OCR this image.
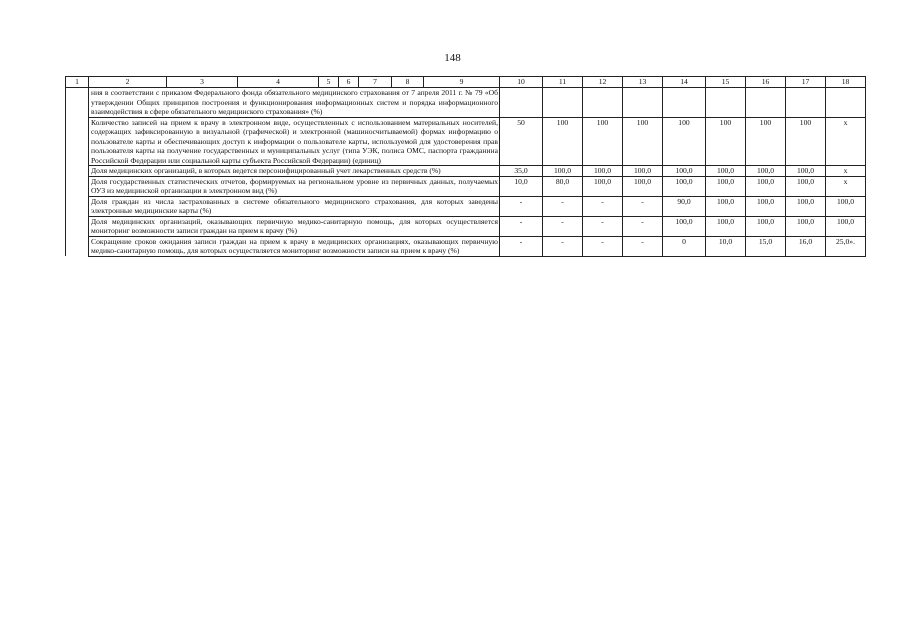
148
1	2	3	4	5	6	7	8	9	10	11	12	13	14	15	16	17	18
	ния в соответствии с приказом Федерального фонда обязательного медицинского страхования от 7 апреля 2011 г. № 79 «Об утверждении Общих принципов построения и функционирования информационных систем и порядка информационного взаимодействия в сфере обязательного медицинского страхования» (%)																
	Количество записей на прием к врачу в электронном виде, осуществленных с использованием материальных носителей, содержащих зафиксированную в визуальной (графической) и электронной (машиносчитываемой) формах информацию о пользователе карты и обеспечивающих доступ к информации о пользователе карты, используемой для удостоверения прав пользователя карты на получение государственных и муниципальных услуг (типа УЭК, полиса ОМС, паспорта гражданина Российской Федерации или социальной карты субъекта Российской Федерации) (единиц)								50	100	100	100	100	100	100	100	х
	Доля медицинских организаций, в которых ведется персонифицированный учет лекарственных средств (%)								35,0	100,0	100,0	100,0	100,0	100,0	100,0	100,0	х
	Доля государственных статистических отчетов, формируемых на региональном уровне из первичных данных, получаемых ОУЗ из медицинской организации в электронном вид (%)								10,0	80,0	100,0	100,0	100,0	100,0	100,0	100,0	х
	Доля граждан из числа застрахованных в системе обязательного медицинского страхования, для которых заведены электронные медицинские карты (%)								-	-	-	-	90,0	100,0	100,0	100,0	100,0
	Доля медицинских организаций, оказывающих первичную медико-санитарную помощь, для которых осуществляется мониторинг возможности записи граждан на прием к врачу (%)								-	-	-	-	100,0	100,0	100,0	100,0	100,0
	Сокращение сроков ожидания записи граждан на прием к врачу в медицинских организациях, оказывающих первичную медико-санитарную помощь, для которых осуществляется мониторинг возможности записи на прием к врачу (%)								-	-	-	-	0	10,0	15,0	16,0	25,0».
